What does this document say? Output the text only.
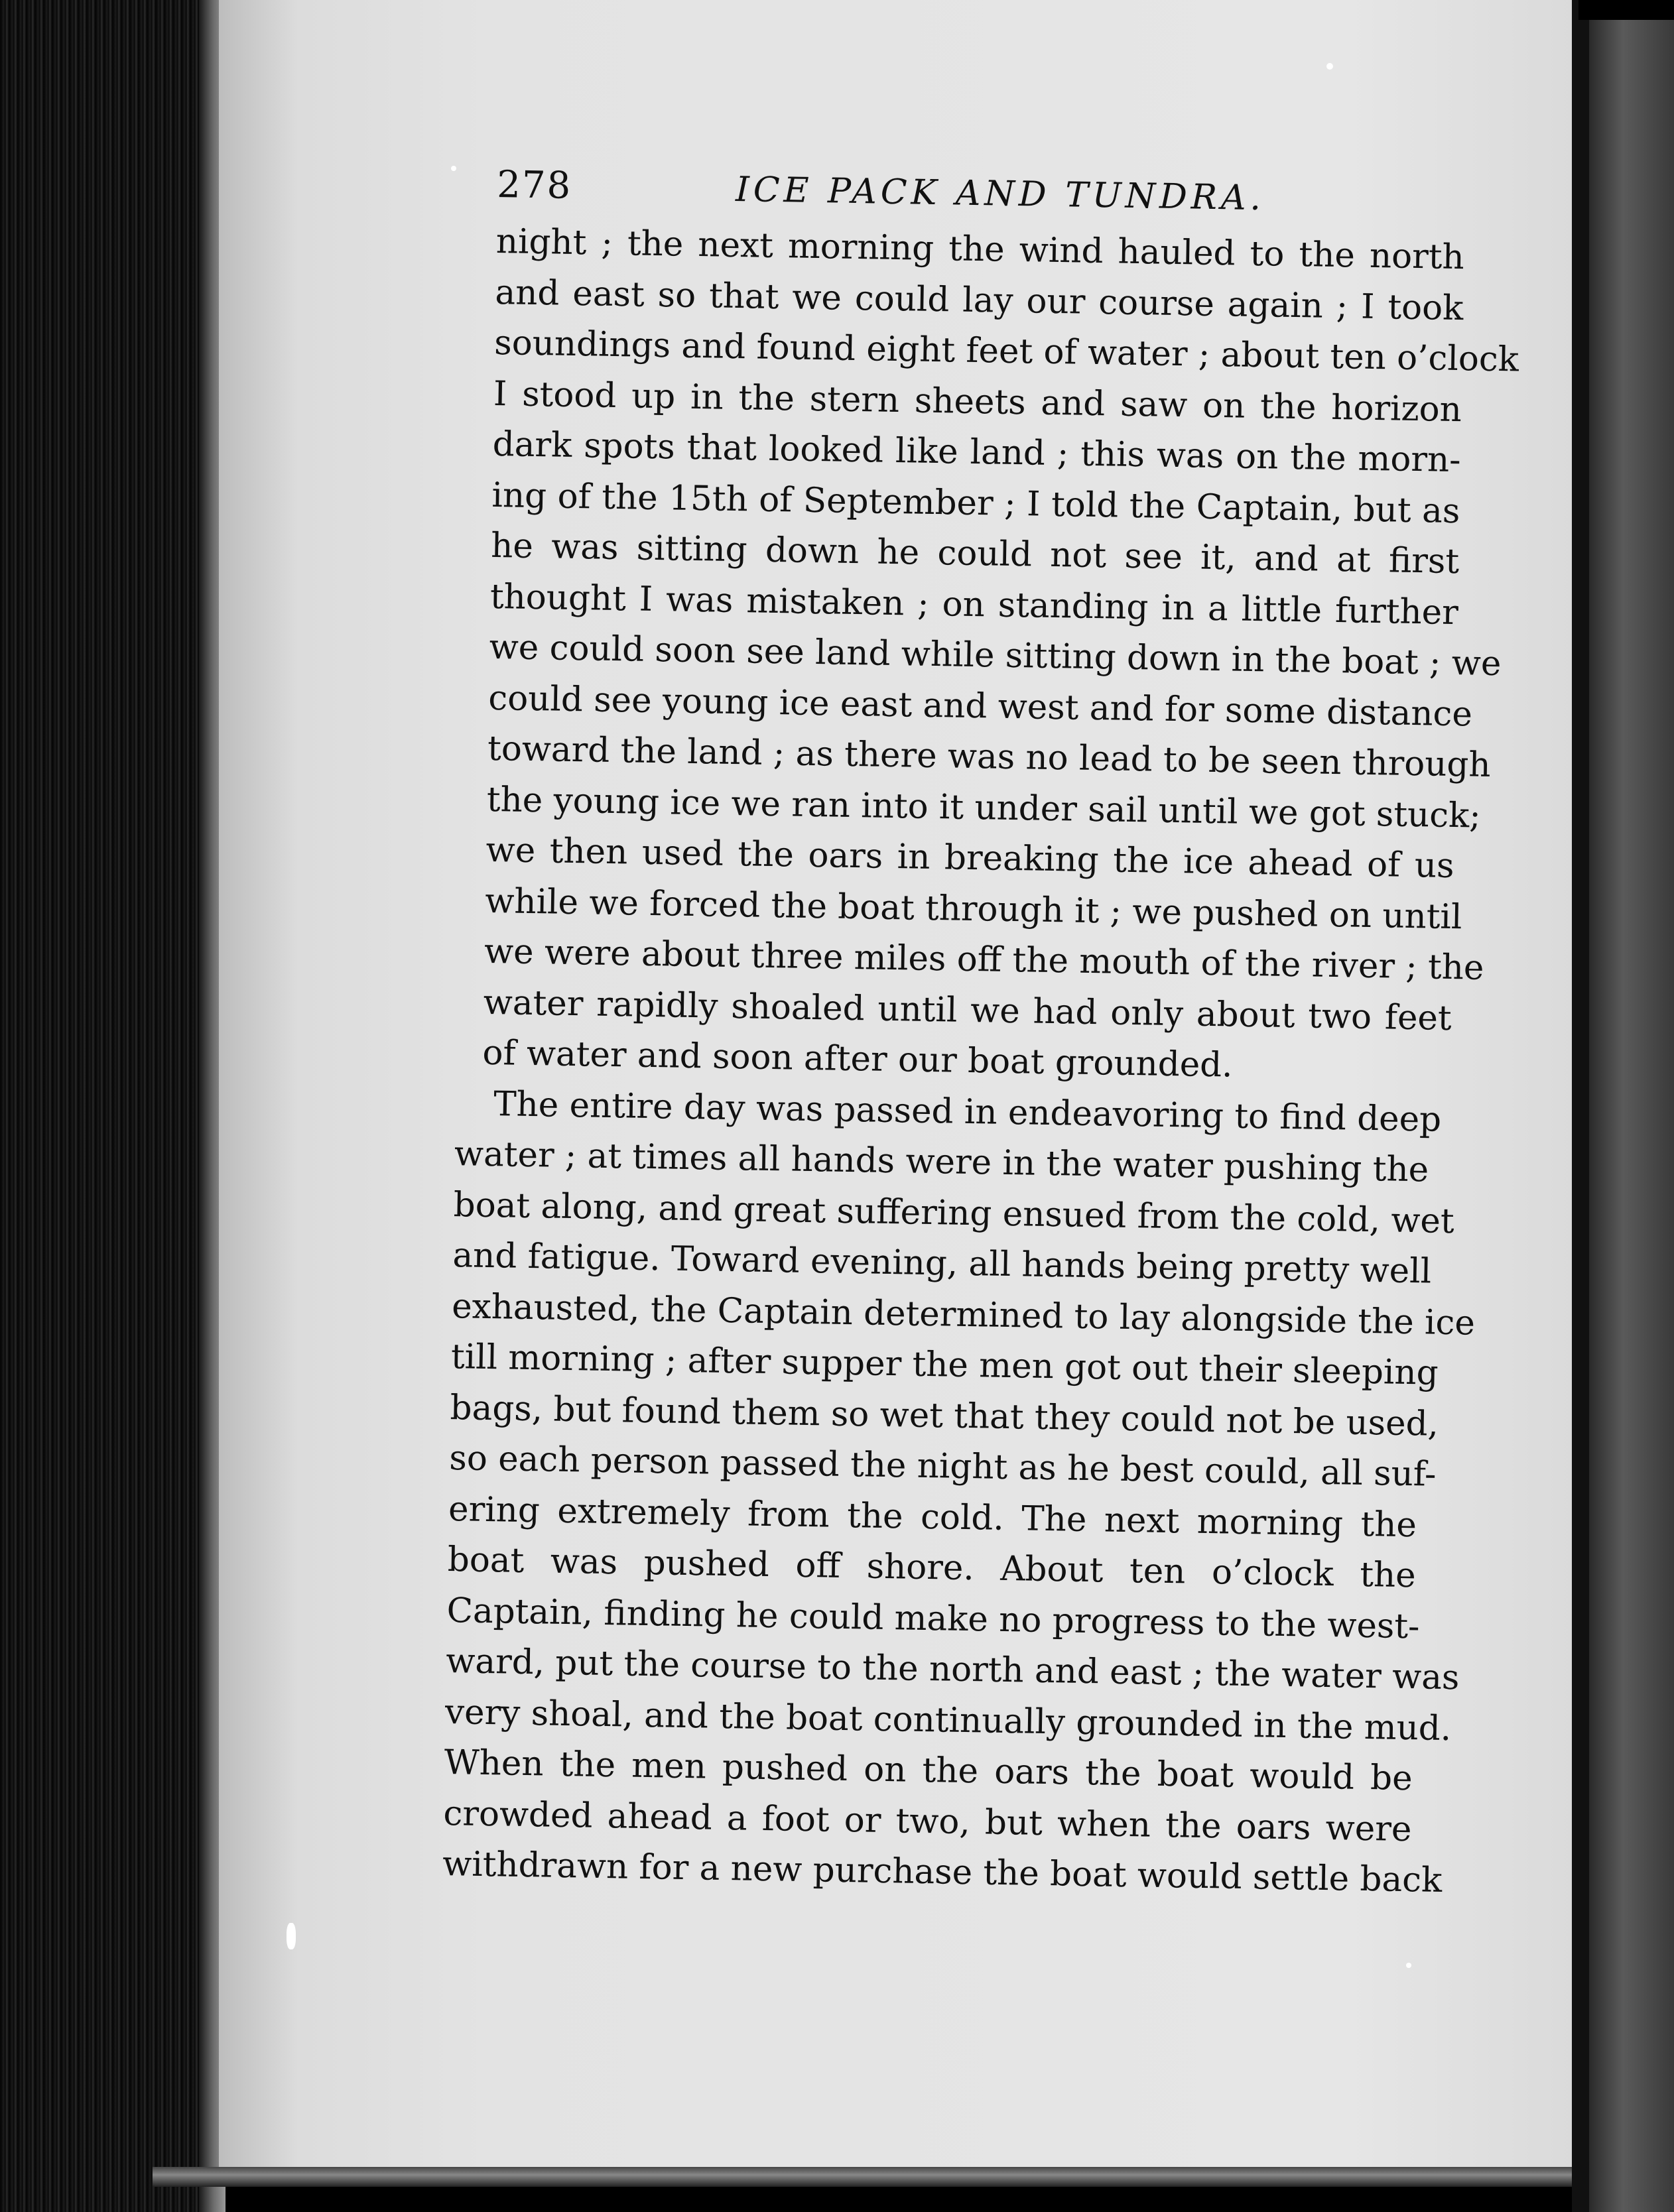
278	ICE PACK AND TUNDRA.
night ; the next morning the wind hauled to the north
and east so that we could lay our course again ; I took
soundings and found eight feet of water ; about ten o’clock
I stood up in the stern sheets and saw on the horizon
dark spots that looked like land ; this was on the morn-
ing of the 15th of September ; I told the Captain, but as
he was sitting down he could not see it, and at first
thought I was mistaken ; on standing in a little further
we could soon see land while sitting down in the boat ; we
could see young ice east and west and for some distance
toward the land ; as there was no lead to be seen through
the young ice we ran into it under sail until we got stuck;
we then used the oars in breaking the ice ahead of us
while we forced the boat through it ; we pushed on until
we were about three miles off the mouth of the river ; the
water rapidly shoaled until we had only about two feet
of water and soon after our boat grounded.
The entire day was passed in endeavoring to find deep
water ; at times all hands were in the water pushing the
boat along, and great suffering ensued from the cold, wet
and fatigue. Toward evening, all hands being pretty well
exhausted, the Captain determined to lay alongside the ice
till morning ; after supper the men got out their sleeping
bags, but found them so wet that they could not be used,
so each person passed the night as he best could, all suf-
ering extremely from the cold. The next morning the
boat was pushed off shore. About ten o’clock the
Captain, finding he could make no progress to the west-
ward, put the course to the north and east ; the water was
very shoal, and the boat continually grounded in the mud.
When the men pushed on the oars the boat would be
crowded ahead a foot or two, but when the oars were
withdrawn for a new purchase the boat would settle back
